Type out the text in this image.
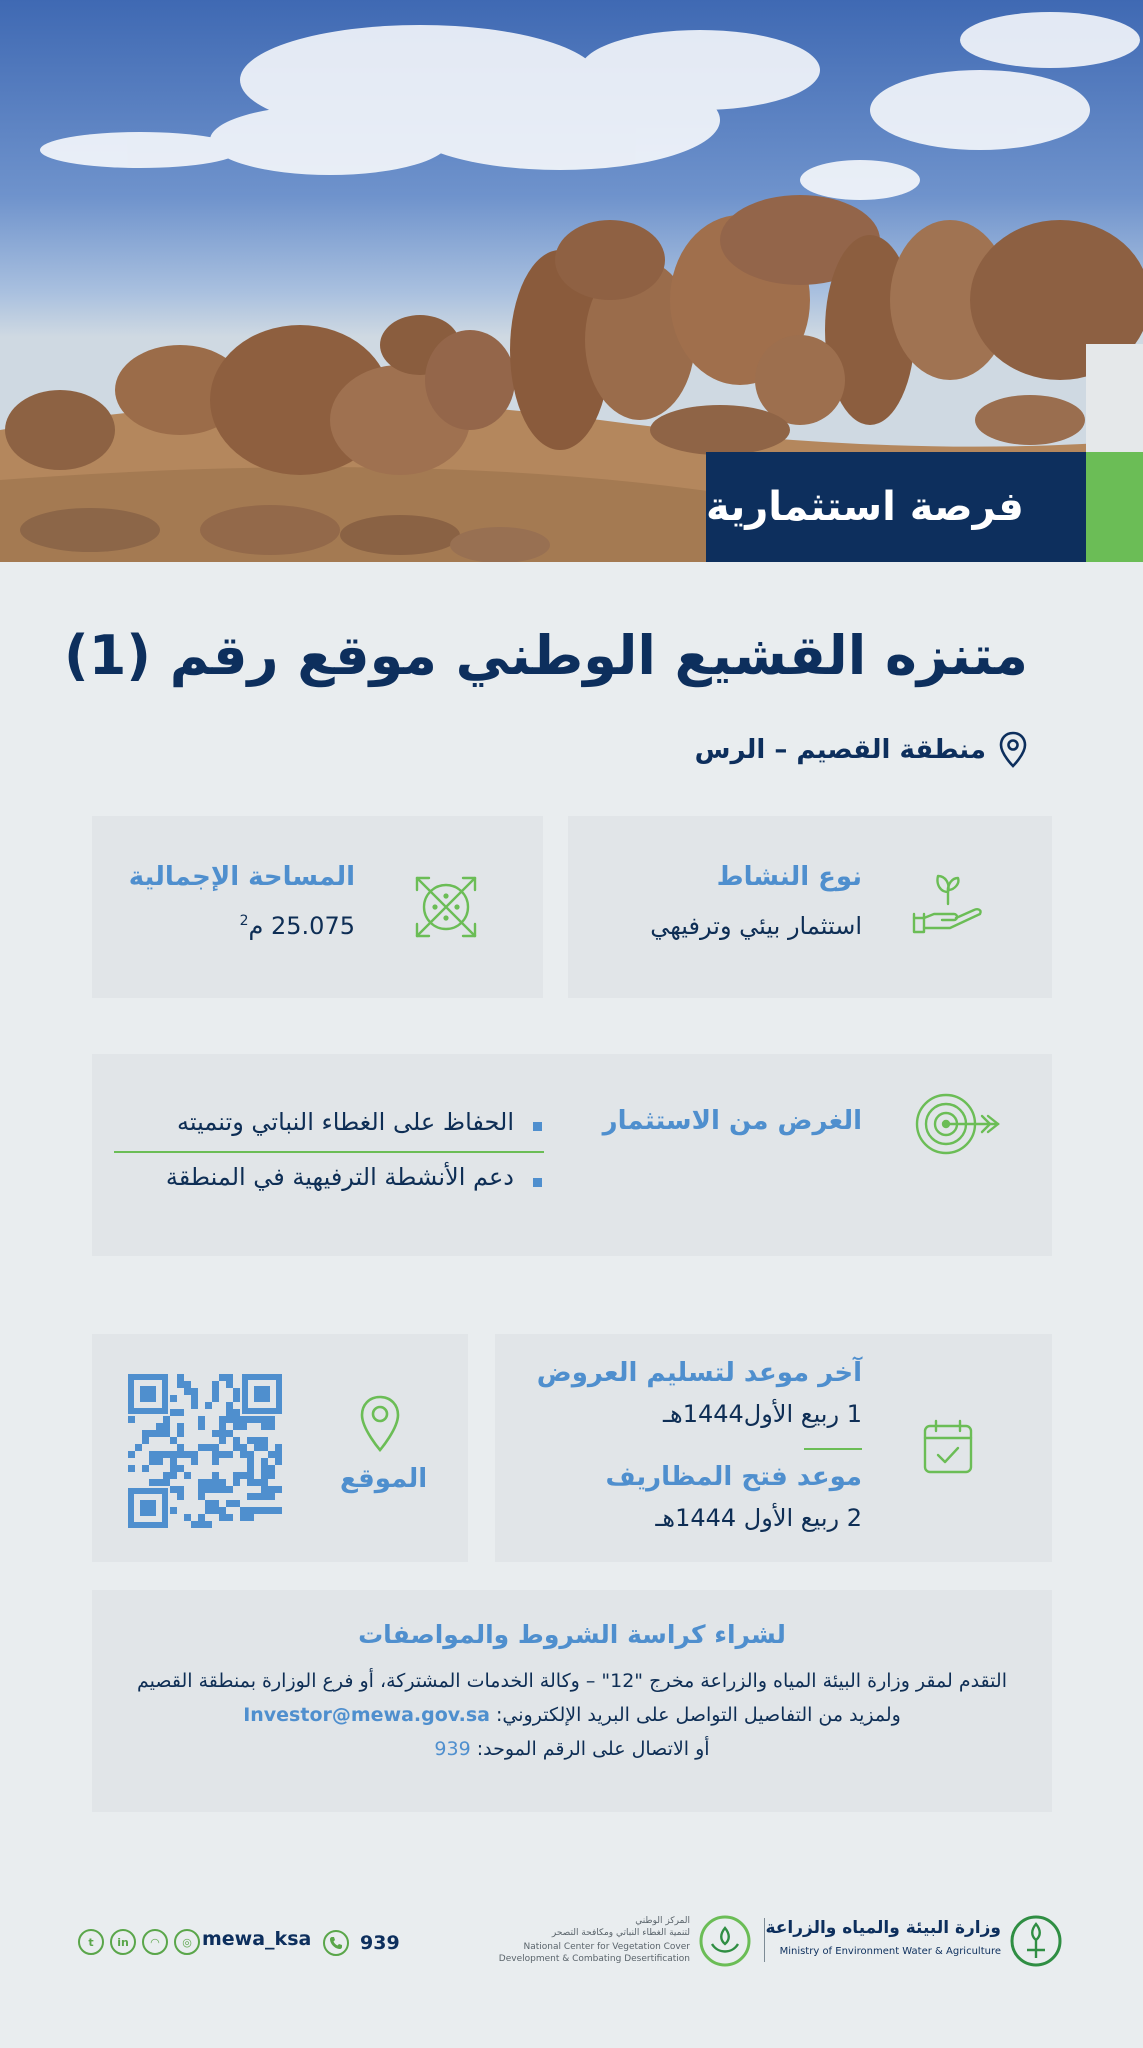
فرصة استثمارية
متنزه القشيع الوطني موقع رقم (1)
منطقة القصيم – الرس
نوع النشاط
استثمار بيئي وترفيهي
المساحة الإجمالية
25.075 م$^2$
الغرض من الاستثمار
الحفاظ على الغطاء النباتي وتنميته
دعم الأنشطة الترفيهية في المنطقة
آخر موعد لتسليم العروض
1 ربيع الأول1444هـ
موعد فتح المظاريف
2 ربيع الأول 1444هـ
الموقع
لشراء كراسة الشروط والمواصفات
التقدم لمقر وزارة البيئة المياه والزراعة مخرج "12" – وكالة الخدمات المشتركة، أو فرع الوزارة بمنطقة القصيم
ولمزيد من التفاصيل التواصل على البريد الإلكتروني: Investor@mewa.gov.sa
أو الاتصال على الرقم الموحد: 939
وزارة البيئة والمياه والزراعة
Ministry of Environment Water & Agriculture
المركز الوطني
لتنمية الغطاء النباتي ومكافحة التصحر
National Center for Vegetation Cover
Development & Combating Desertification
939
mewa_ksa
t	in	◠	◎
